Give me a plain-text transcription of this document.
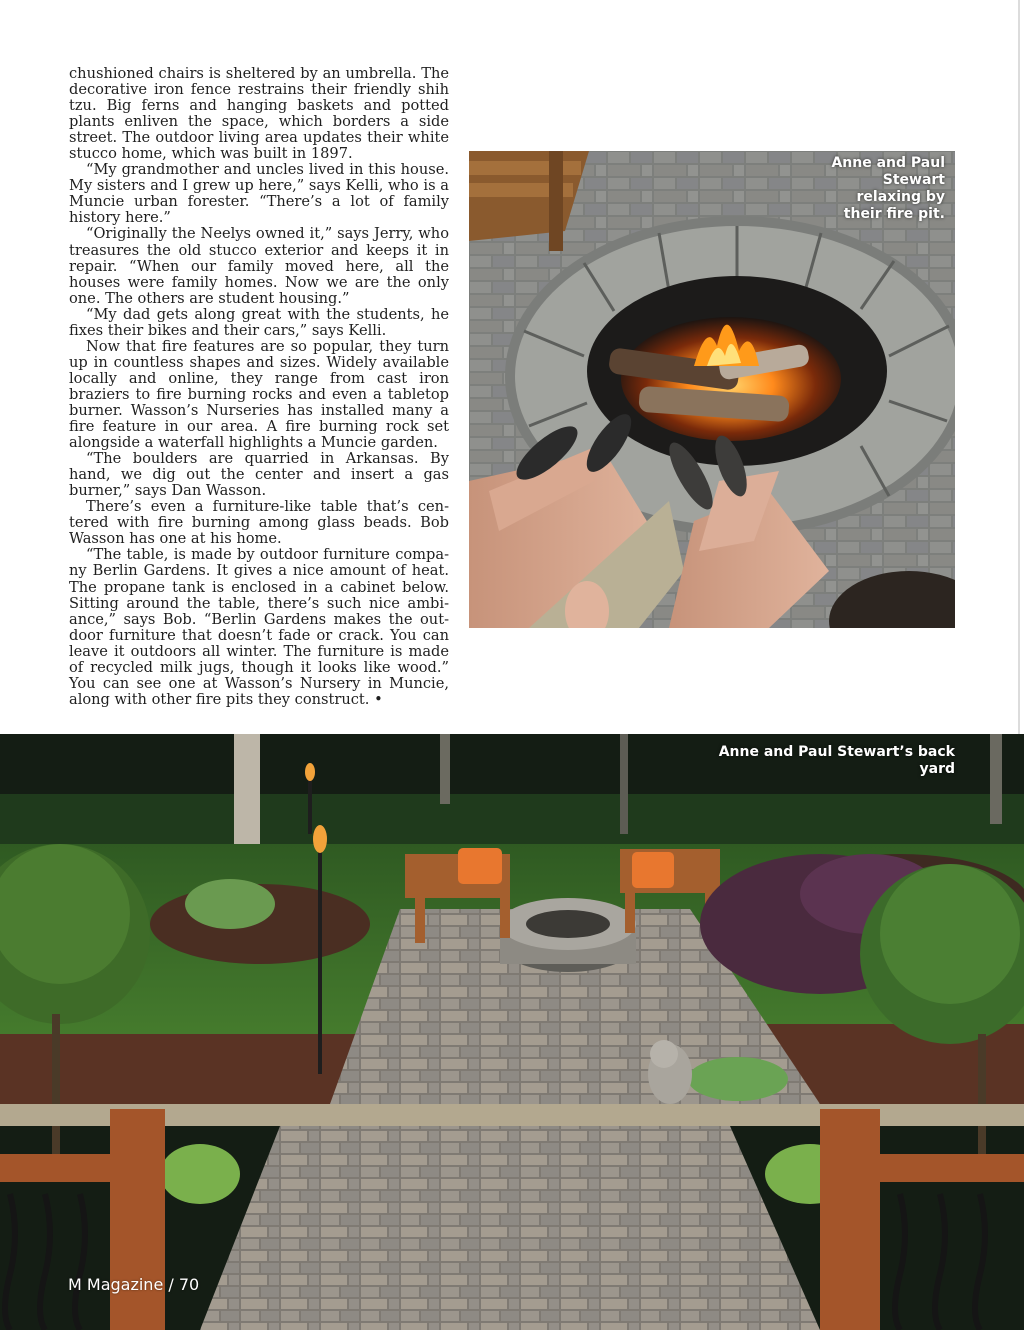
chushioned chairs is sheltered by an umbrella. The decorative iron fence restrains their friendly shih tzu. Big ferns and hanging baskets and potted plants enliven the space, which borders a side street. The outdoor living area updates their white stucco home, which was built in 1897.

“My grandmother and uncles lived in this house. My sisters and I grew up here,” says Kelli, who is a Muncie urban forester. “There’s a lot of family history here.”

“Originally the Neelys owned it,” says Jerry, who treasures the old stucco exterior and keeps it in repair. “When our family moved here, all the houses were family homes. Now we are the only one. The others are student housing.”

“My dad gets along great with the students, he fixes their bikes and their cars,” says Kelli.

Now that fire features are so popular, they turn up in countless shapes and sizes. Widely available locally and online, they range from cast iron braziers to fire burning rocks and even a tabletop burner. Wasson’s Nurseries has installed many a fire feature in our area. A fire burning rock set alongside a waterfall highlights a Muncie garden.

“The boulders are quarried in Arkansas. By hand, we dig out the center and insert a gas burner,” says Dan Wasson.

There’s even a furniture-like table that’s centered with fire burning among glass beads. Bob Wasson has one at his home.

“The table, is made by outdoor furniture company Berlin Gardens. It gives a nice amount of heat. The propane tank is enclosed in a cabinet below. Sitting around the table, there’s such nice ambiance,” says Bob. “Berlin Gardens makes the outdoor furniture that doesn’t fade or crack. You can leave it outdoors all winter. The furniture is made of recycled milk jugs, though it looks like wood.” You can see one at Wasson’s Nursery in Muncie, along with other fire pits they construct. •

Anne and Paul Stewart relaxing by their fire pit.
Anne and Paul Stewart’s back yard
M Magazine / 70
